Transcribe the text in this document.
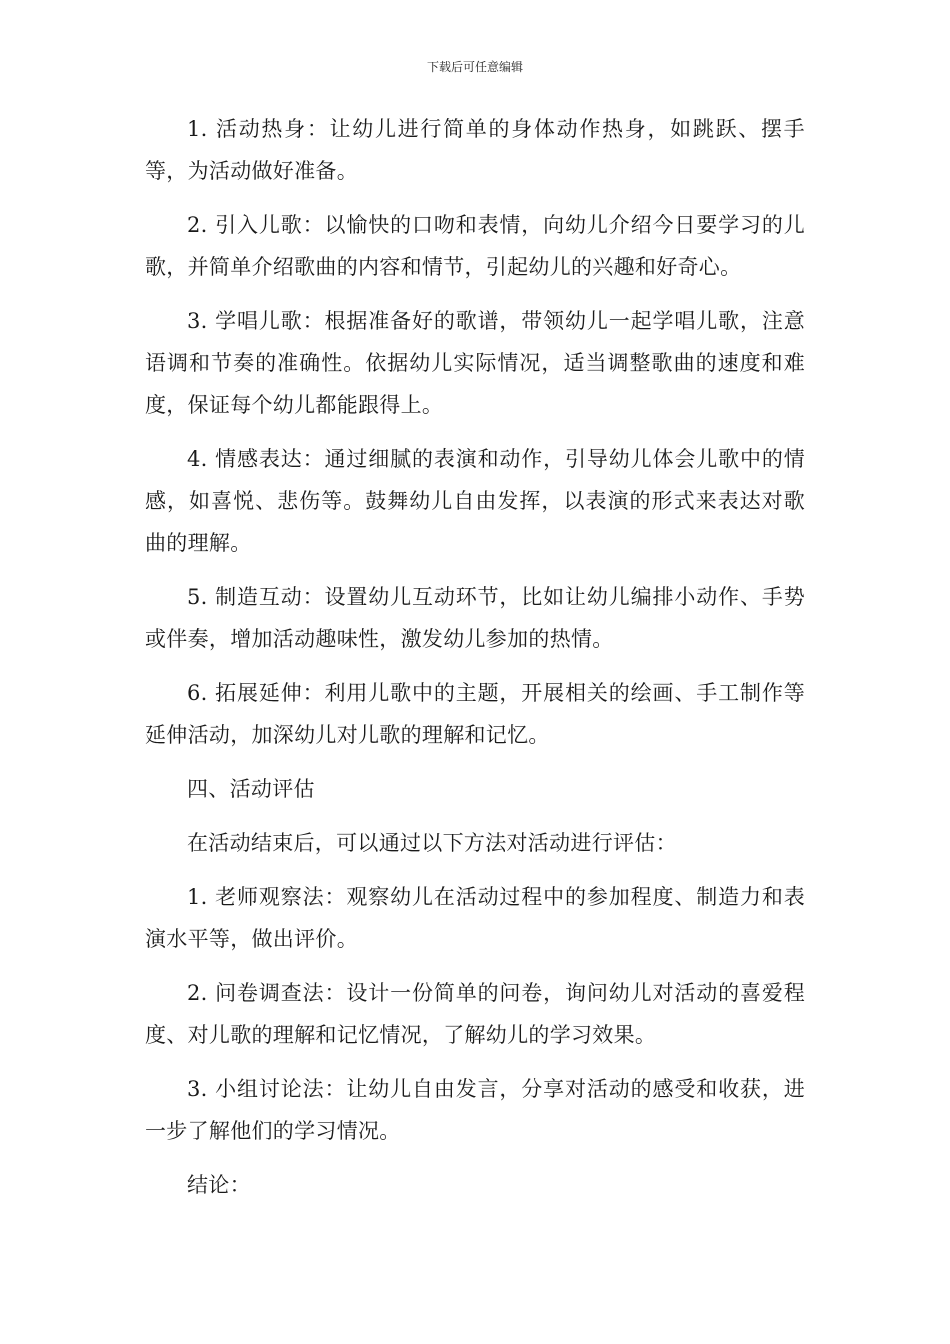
下载后可任意编辑

1. 活动热身：让幼儿进行简单的身体动作热身，如跳跃、摆手等，为活动做好准备。

2. 引入儿歌：以愉快的口吻和表情，向幼儿介绍今日要学习的儿歌，并简单介绍歌曲的内容和情节，引起幼儿的兴趣和好奇心。

3. 学唱儿歌：根据准备好的歌谱，带领幼儿一起学唱儿歌，注意语调和节奏的准确性。依据幼儿实际情况，适当调整歌曲的速度和难度，保证每个幼儿都能跟得上。

4. 情感表达：通过细腻的表演和动作，引导幼儿体会儿歌中的情感，如喜悦、悲伤等。鼓舞幼儿自由发挥，以表演的形式来表达对歌曲的理解。

5. 制造互动：设置幼儿互动环节，比如让幼儿编排小动作、手势或伴奏，增加活动趣味性，激发幼儿参加的热情。

6. 拓展延伸：利用儿歌中的主题，开展相关的绘画、手工制作等延伸活动，加深幼儿对儿歌的理解和记忆。

四、活动评估

在活动结束后，可以通过以下方法对活动进行评估：

1. 老师观察法：观察幼儿在活动过程中的参加程度、制造力和表演水平等，做出评价。

2. 问卷调查法：设计一份简单的问卷，询问幼儿对活动的喜爱程度、对儿歌的理解和记忆情况，了解幼儿的学习效果。

3. 小组讨论法：让幼儿自由发言，分享对活动的感受和收获，进一步了解他们的学习情况。

结论：
